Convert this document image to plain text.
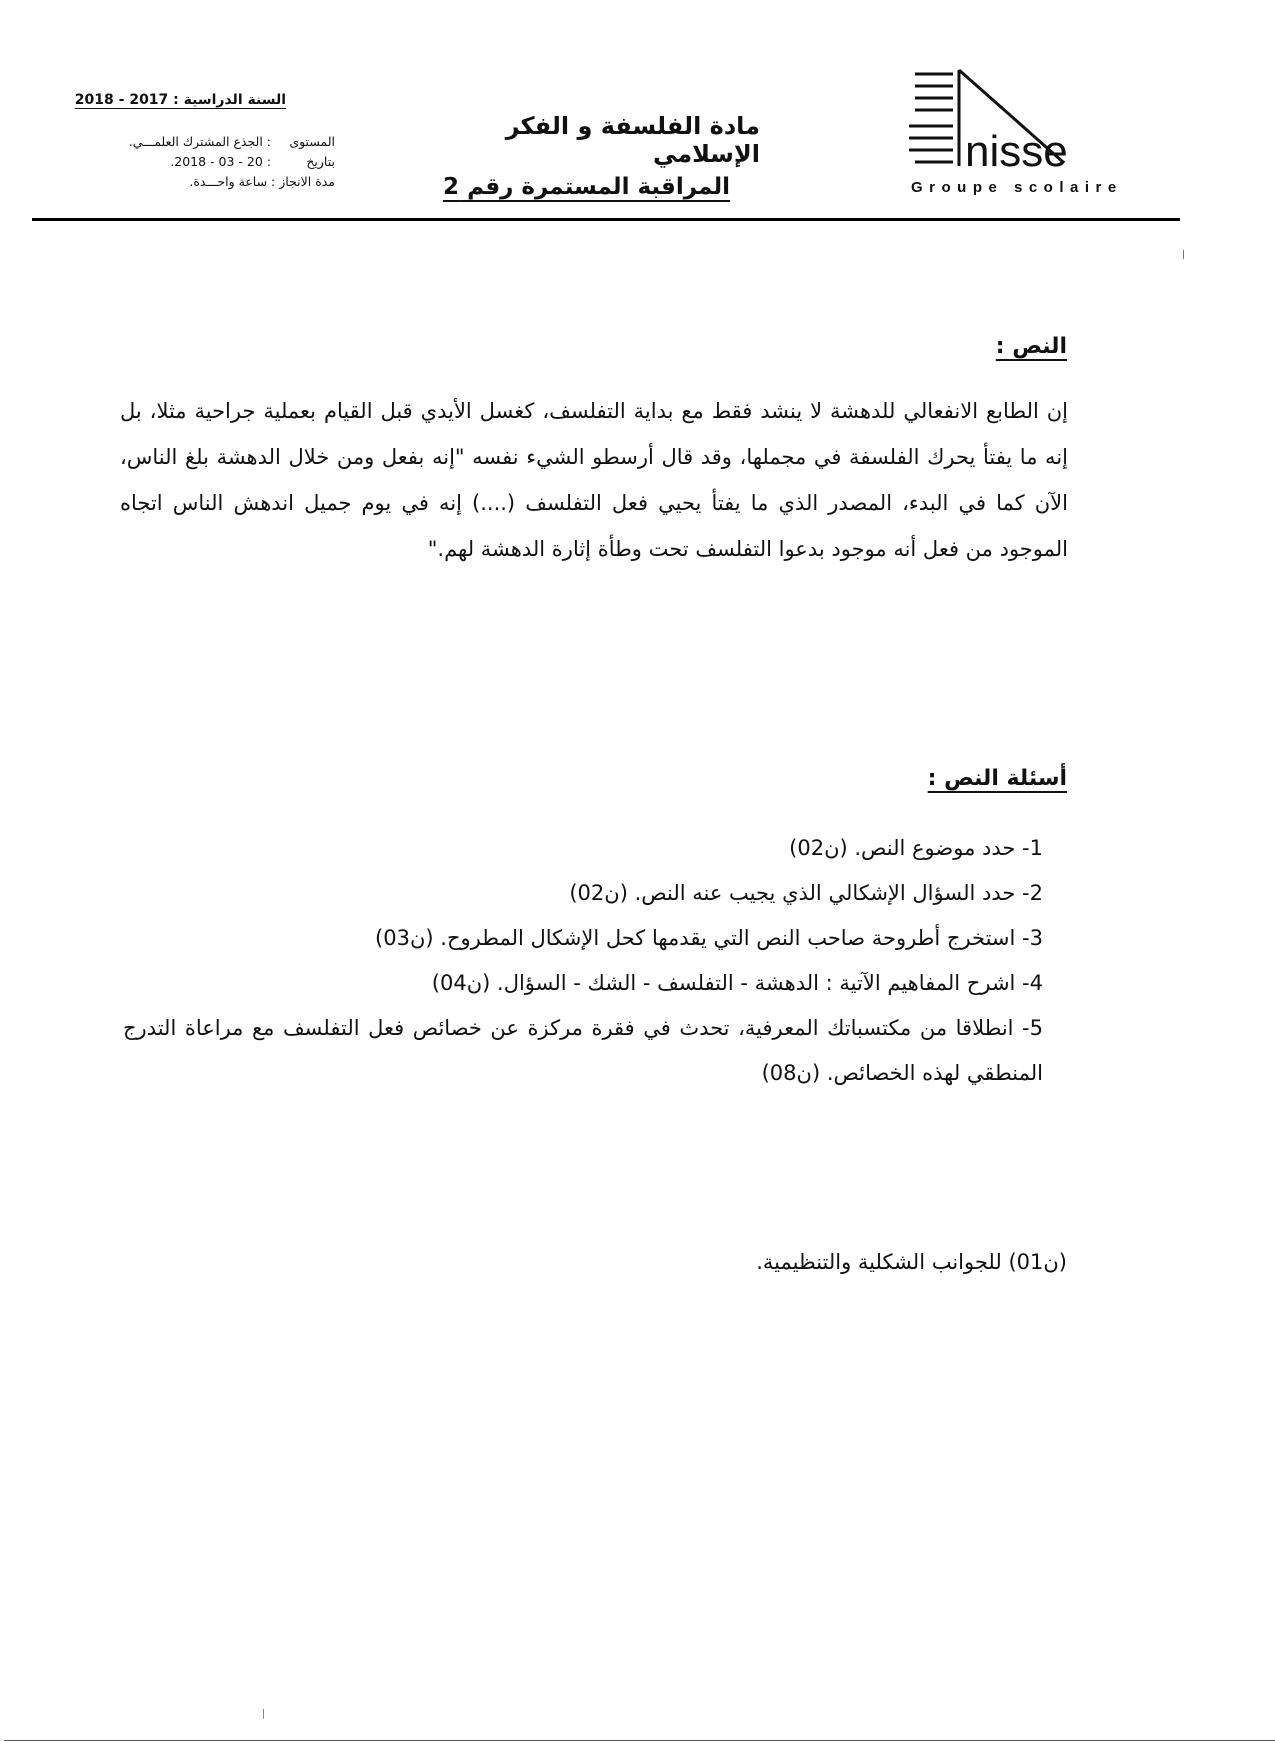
nisse
Groupe scolaire
مادة الفلسفة و الفكر الإسلامي
المراقبة المستمرة رقم 2
السنة الدراسية : 2017 - 2018
المستوى : الجذع المشترك العلمـــي.
بتاريخ : 20 - 03 - 2018.
مدة الانجاز : ساعة واحـــدة.
النص :
إن الطابع الانفعالي للدهشة لا ينشد فقط مع بداية التفلسف، كغسل الأيدي قبل القيام بعملية جراحية مثلا، بل إنه ما يفتأ يحرك الفلسفة في مجملها، وقد قال أرسطو الشيء نفسه "إنه بفعل ومن خلال الدهشة بلغ الناس، الآن كما في البدء، المصدر الذي ما يفتأ يحيي فعل التفلسف (....) إنه في يوم جميل اندهش الناس اتجاه الموجود من فعل أنه موجود بدعوا التفلسف تحت وطأة إثارة الدهشة لهم."
أسئلة النص :
1- حدد موضوع النص. (02ن)
2- حدد السؤال الإشكالي الذي يجيب عنه النص. (02ن)
3- استخرج أطروحة صاحب النص التي يقدمها كحل الإشكال المطروح. (03ن)
4- اشرح المفاهيم الآتية : الدهشة - التفلسف - الشك - السؤال. (04ن)
5- انطلاقا من مكتسباتك المعرفية، تحدث في فقرة مركزة عن خصائص فعل التفلسف مع مراعاة التدرج المنطقي لهذه الخصائص. (08ن)
(01ن) للجوانب الشكلية والتنظيمية.
